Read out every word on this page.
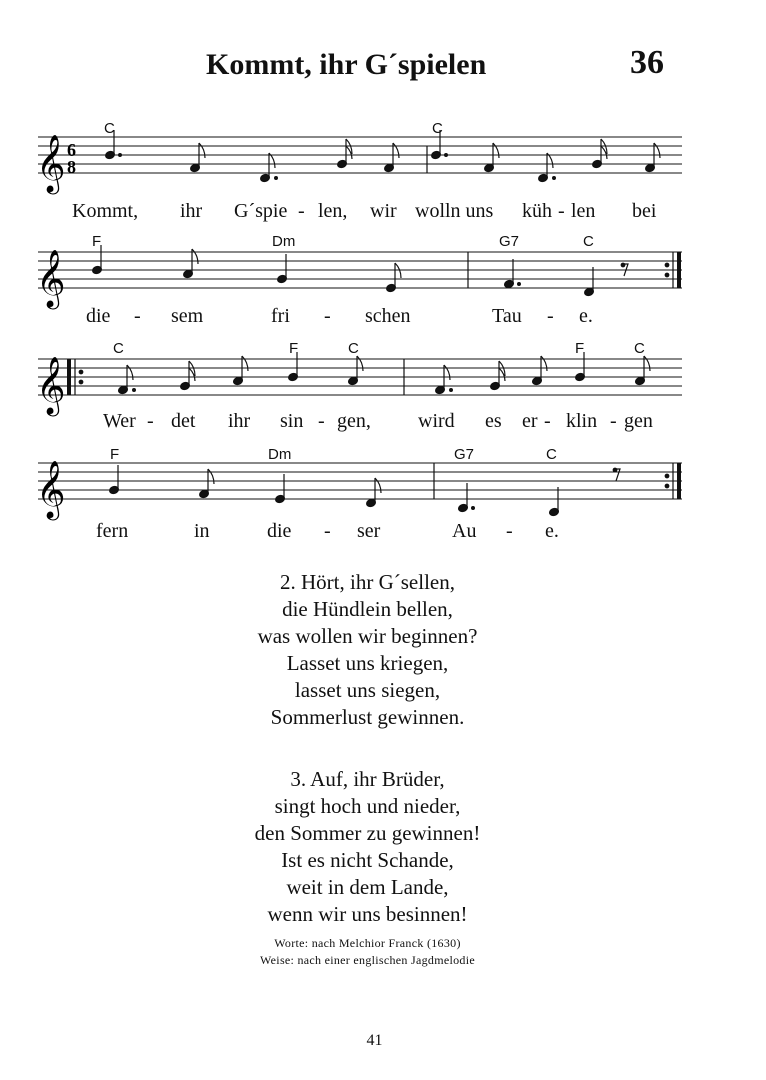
Kommt, ihr G´spielen	36
𝄞 6
8
C	C
Kommt, ihr G´spie - len, wir wolln uns küh - len bei
𝄞
F	Dm	G7	C
die - sem	fri - schen	Tau - e.
𝄞
C	F	C	F	C
Wer - det ihr sin - gen, wird es er - klin - gen
𝄞
F	Dm	G7	C
fern	in	die - ser	Au - e.
2. Hört, ihr G´sellen,
die Hündlein bellen,
was wollen wir beginnen?
Lasset uns kriegen,
lasset uns siegen,
Sommerlust gewinnen.
3. Auf, ihr Brüder,
singt hoch und nieder,
den Sommer zu gewinnen!
Ist es nicht Schande,
weit in dem Lande,
wenn wir uns besinnen!
Worte: nach Melchior Franck (1630)
Weise: nach einer englischen Jagdmelodie
41
